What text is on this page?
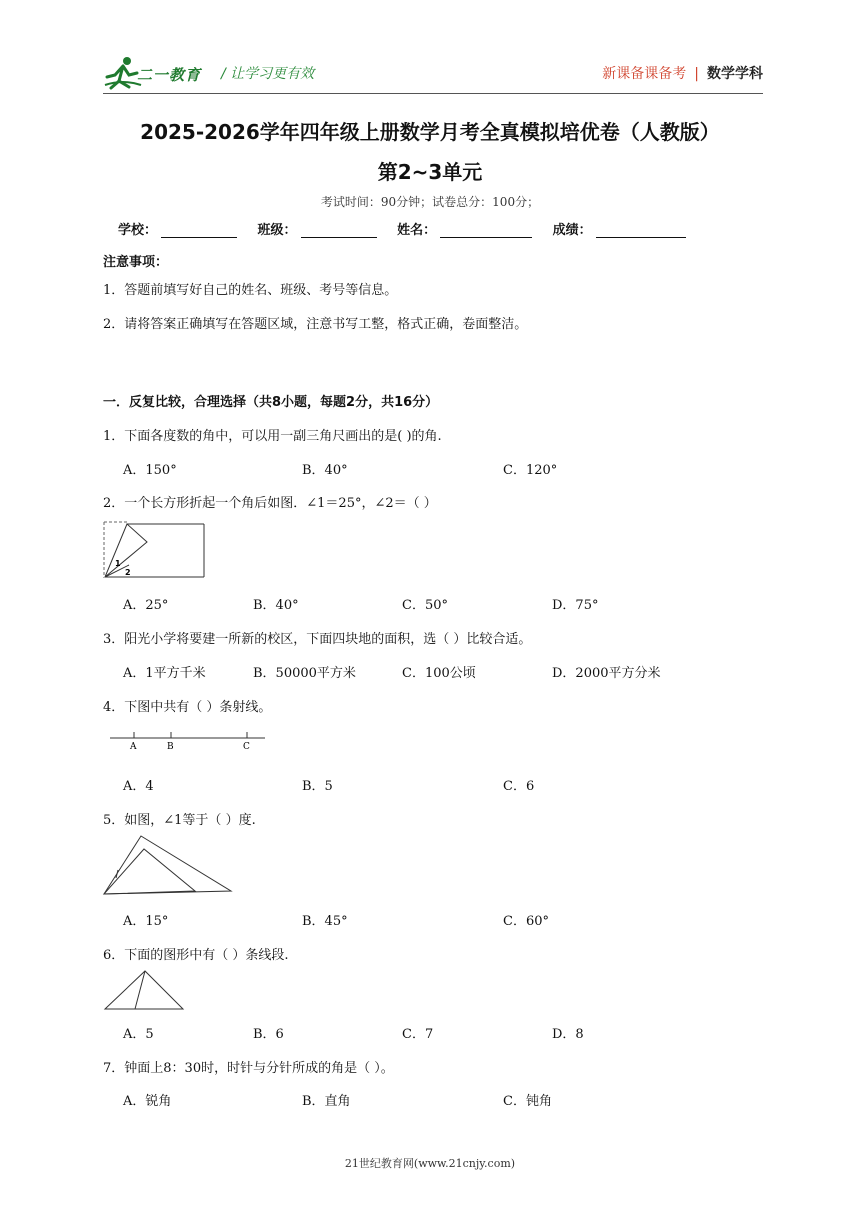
二一教育 / 让学习更有效	新课备课备考 | 数学学科
2025-2026学年四年级上册数学月考全真模拟培优卷（人教版）
第2~3单元
考试时间：90分钟；试卷总分：100分；
学校：	班级：	姓名：	成绩：
注意事项：
1．答题前填写好自己的姓名、班级、考号等信息。
2．请将答案正确填写在答题区域，注意书写工整，格式正确，卷面整洁。
一．反复比较，合理选择（共8小题，每题2分，共16分）
1．下面各度数的角中，可以用一副三角尺画出的是( )的角.
A．150°	B．40°	C．120°
2．一个长方形折起一个角后如图．∠1＝25°，∠2＝（ ）
1
2
A．25°	B．40°	C．50°	D．75°
3．阳光小学将要建一所新的校区，下面四块地的面积，选（ ）比较合适。
A．1平方千米	B．50000平方米	C．100公顷	D．2000平方分米
4．下图中共有（ ）条射线。
A	B	C
A．4	B．5	C．6
5．如图，∠1等于（ ）度.
A．15°	B．45°	C．60°
6．下面的图形中有（ ）条线段.
A．5	B．6	C．7	D．8
7．钟面上8：30时，时针与分针所成的角是（ ）。
A．锐角	B．直角	C．钝角
21世纪教育网(www.21cnjy.com)
